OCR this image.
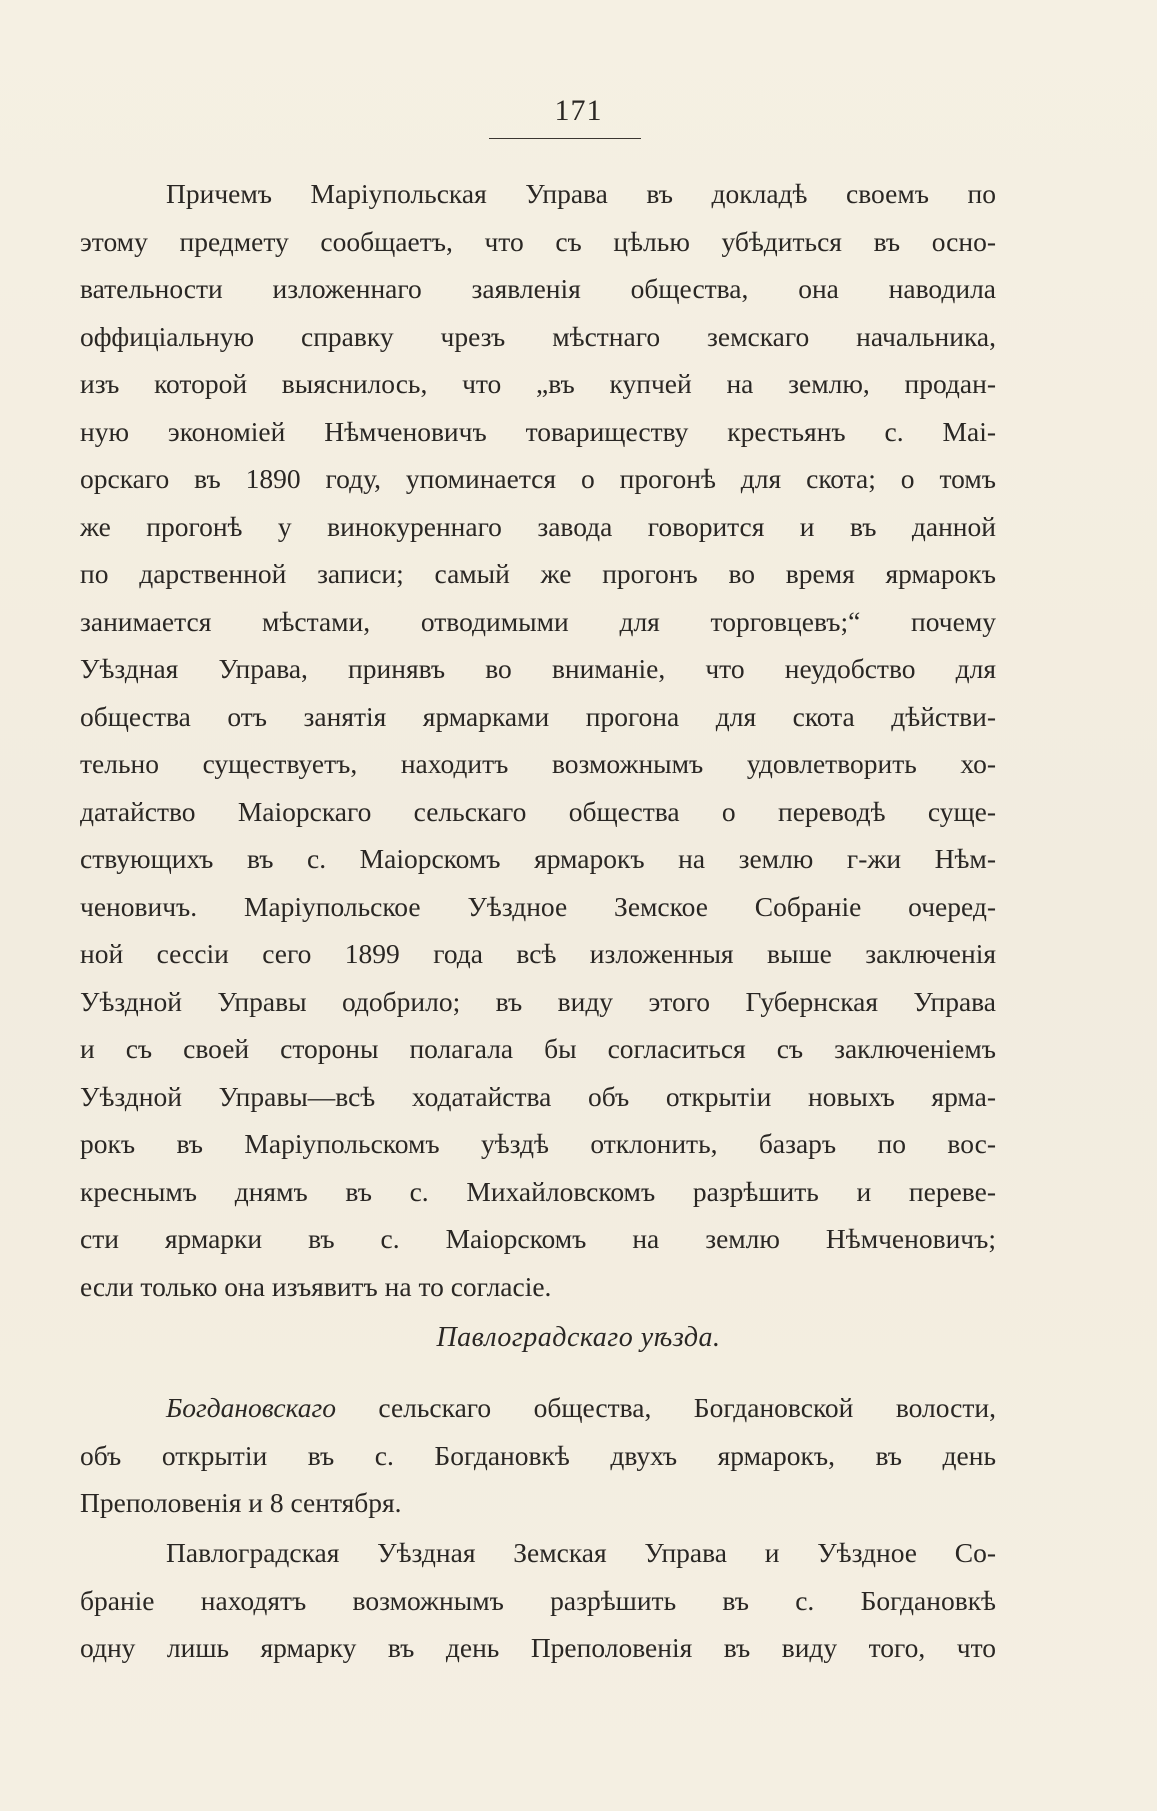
171
Причемъ Маріупольская Управа въ докладѣ своемъ по
этому предмету сообщаетъ, что съ цѣлью убѣдиться въ осно-
вательности изложеннаго заявленія общества, она наводила
оффиціальную справку чрезъ мѣстнаго земскаго начальника,
изъ которой выяснилось, что „въ купчей на землю, продан-
ную экономіей Нѣмченовичъ товариществу крестьянъ с. Маі-
орскаго въ 1890 году, упоминается о прогонѣ для скота; о томъ
же прогонѣ у винокуреннаго завода говорится и въ данной
по дарственной записи; самый же прогонъ во время ярмарокъ
занимается мѣстами, отводимыми для торговцевъ;“ почему
Уѣздная Управа, принявъ во вниманіе, что неудобство для
общества отъ занятія ярмарками прогона для скота дѣйстви-
тельно существуетъ, находитъ возможнымъ удовлетворить хо-
датайство Маіорскаго сельскаго общества о переводѣ суще-
ствующихъ въ с. Маіорскомъ ярмарокъ на землю г-жи Нѣм-
ченовичъ. Маріупольское Уѣздное Земское Собраніе очеред-
ной сессіи сего 1899 года всѣ изложенныя выше заключенія
Уѣздной Управы одобрило; въ виду этого Губернская Управа
и съ своей стороны полагала бы согласиться съ заключеніемъ
Уѣздной Управы—всѣ ходатайства объ открытіи новыхъ ярма-
рокъ въ Маріупольскомъ уѣздѣ отклонить, базаръ по вос-
креснымъ днямъ въ с. Михайловскомъ разрѣшить и переве-
сти ярмарки въ с. Маіорскомъ на землю Нѣмченовичъ;
если только она изъявитъ на то согласіе.
Павлоградскаго уѣзда.
Богдановскаго сельскаго общества, Богдановской волости,
объ открытіи въ с. Богдановкѣ двухъ ярмарокъ, въ день
Преполовенія и 8 сентября.
Павлоградская Уѣздная Земская Управа и Уѣздное Со-
браніе находятъ возможнымъ разрѣшить въ с. Богдановкѣ
одну лишь ярмарку въ день Преполовенія въ виду того, что
